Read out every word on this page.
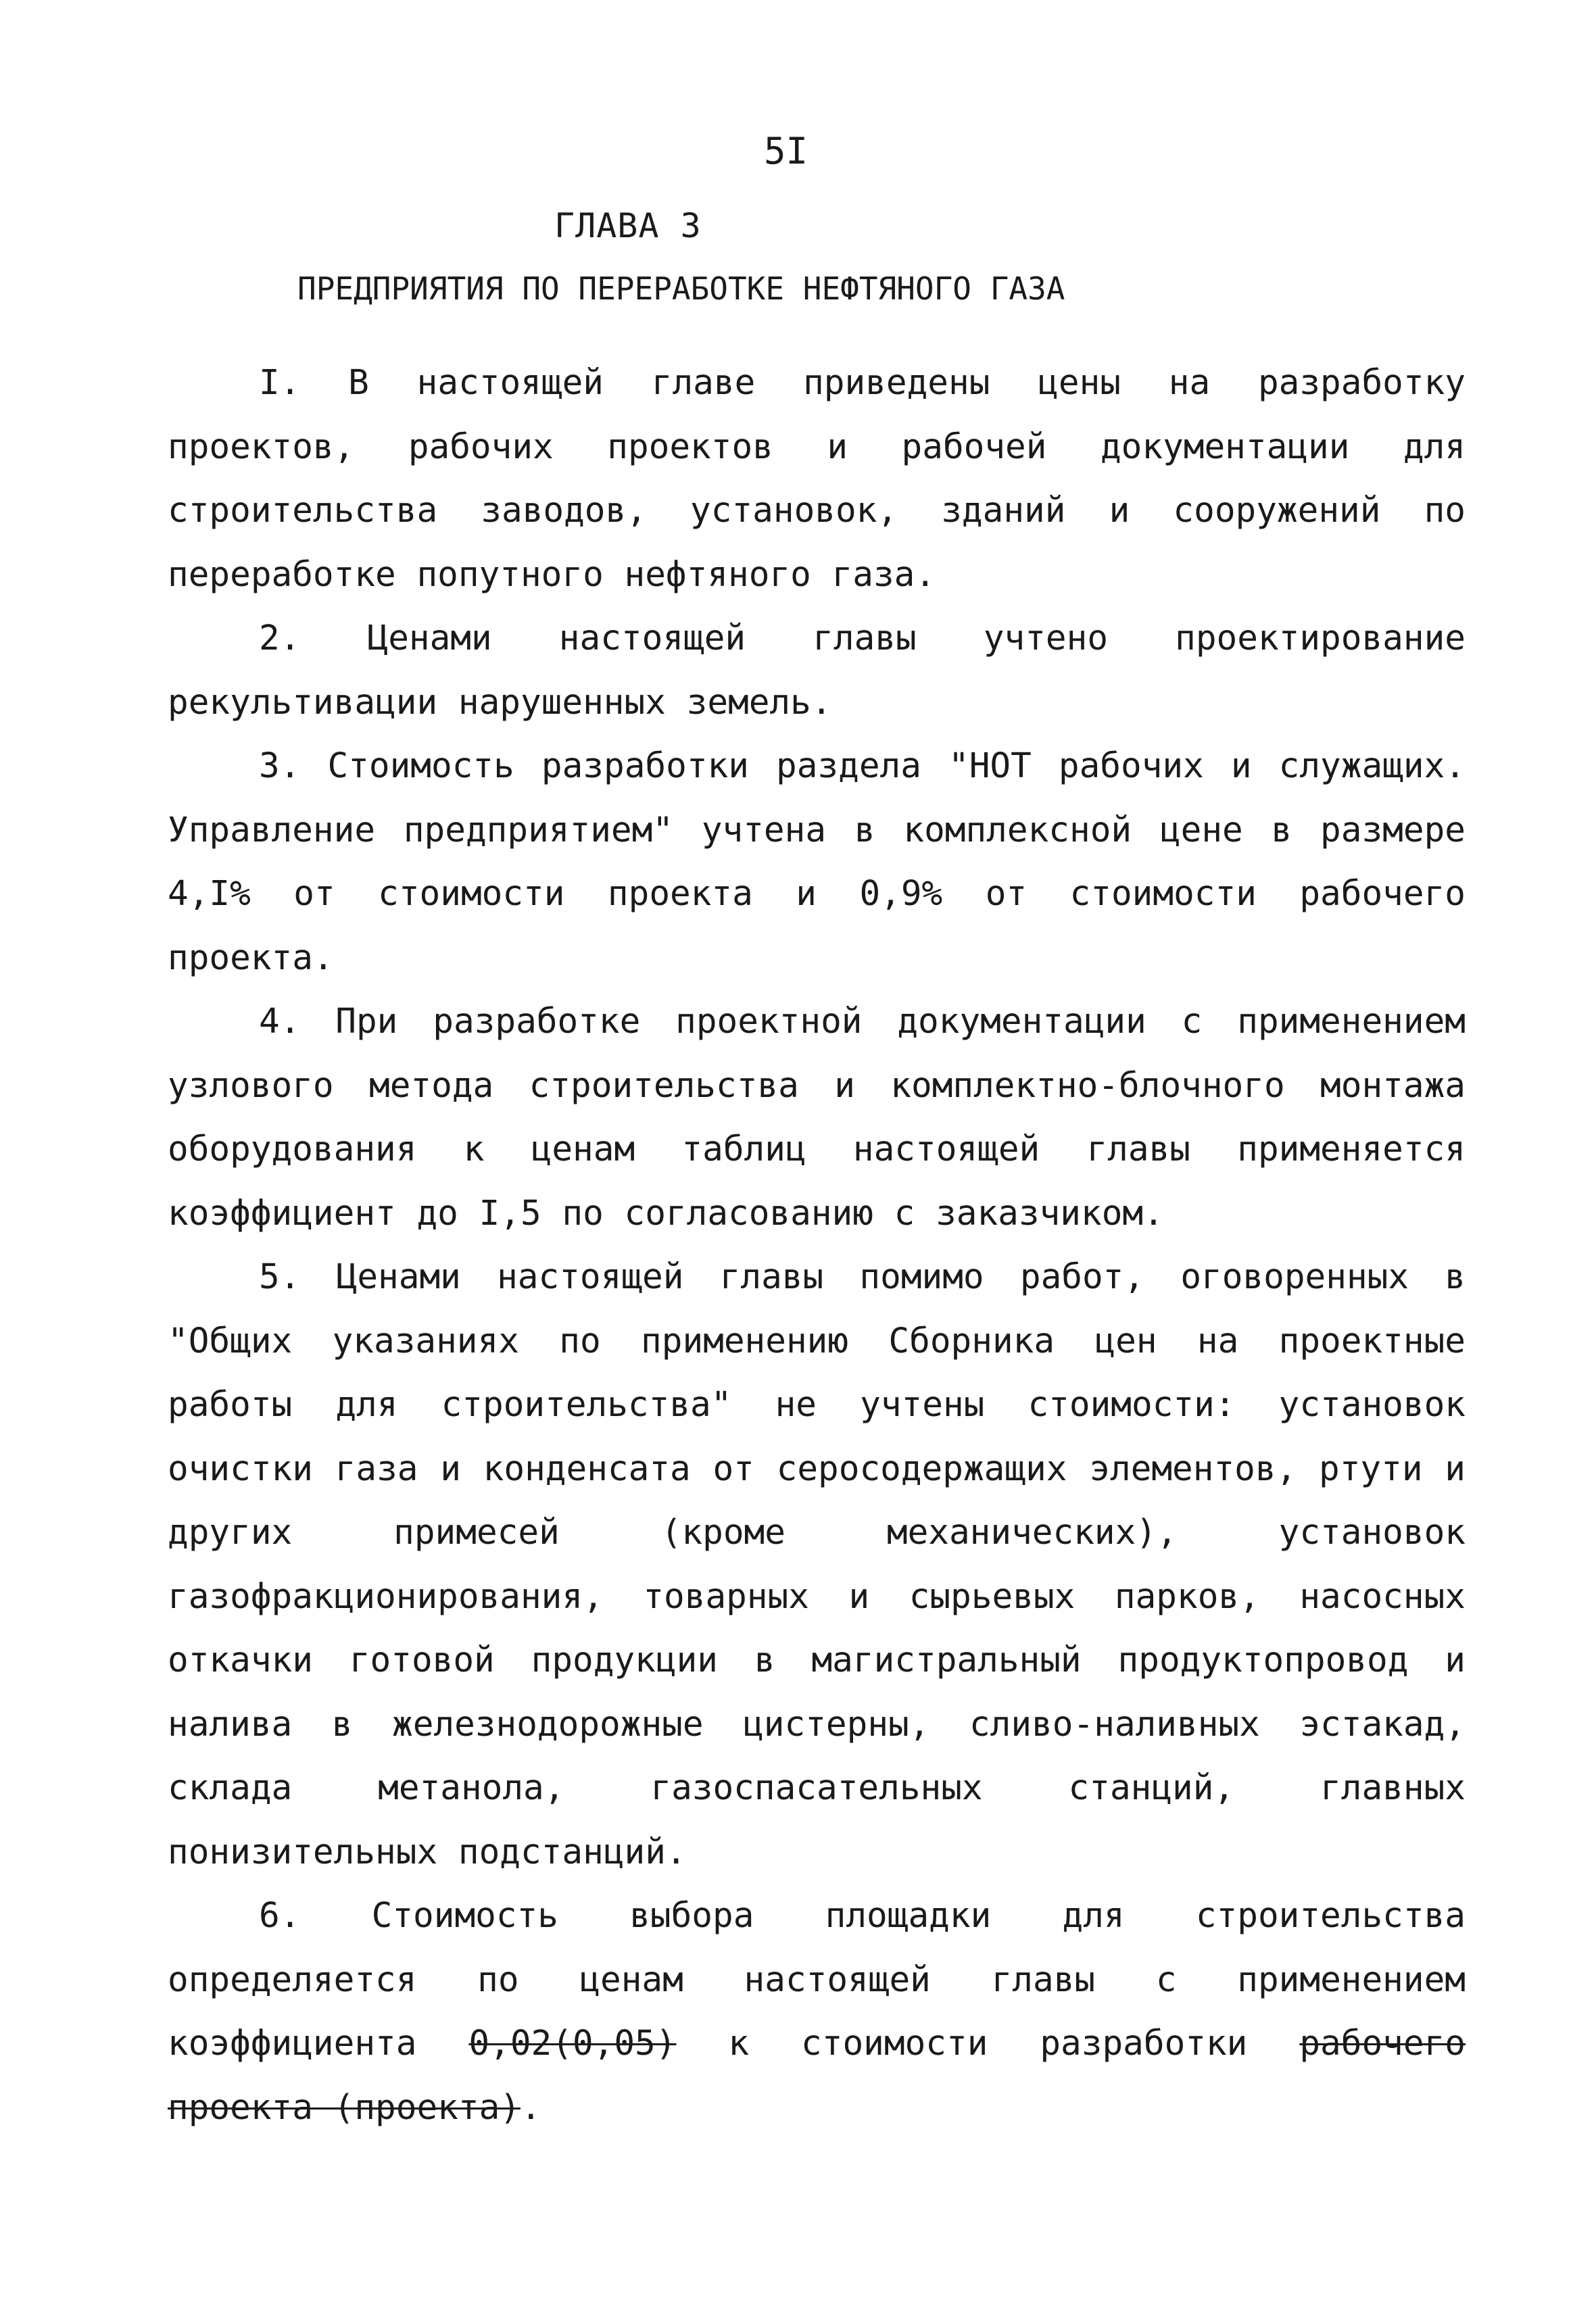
5I
ГЛАВА 3
ПРЕДПРИЯТИЯ ПО ПЕРЕРАБОТКЕ НЕФТЯНОГО ГАЗА

I. В настоящей главе приведены цены на разработку проектов, рабочих проектов и рабочей документации для строительства заводов, установок, зданий и сооружений по переработке попутного нефтяного газа.

2. Ценами настоящей главы учтено проектирование рекультивации нарушенных земель.

3. Стоимость разработки раздела "НОТ рабочих и служащих. Управление предприятием" учтена в комплексной цене в размере 4,I% от стоимости проекта и 0,9% от стоимости рабочего проекта.

4. При разработке проектной документации с применением узлового метода строительства и комплектно-блочного монтажа оборудования к ценам таблиц настоящей главы применяется коэффициент до I,5 по согласованию с заказчиком.

5. Ценами настоящей главы помимо работ, оговоренных в "Общих указаниях по применению Сборника цен на проектные работы для строительства" не учтены стоимости: установок очистки газа и конденсата от серосодержащих элементов, ртути и других примесей (кроме механических), установок газофракционирования, товарных и сырьевых парков, насосных откачки готовой продукции в магистральный продуктопровод и налива в железнодорожные цистерны, сливо-наливных эстакад, склада метанола, газоспасательных станций, главных понизительных подстанций.

6. Стоимость выбора площадки для строительства определяется по ценам настоящей главы с применением коэффициента 0,02(0,05) к стоимости разработки рабочего проекта (проекта).
